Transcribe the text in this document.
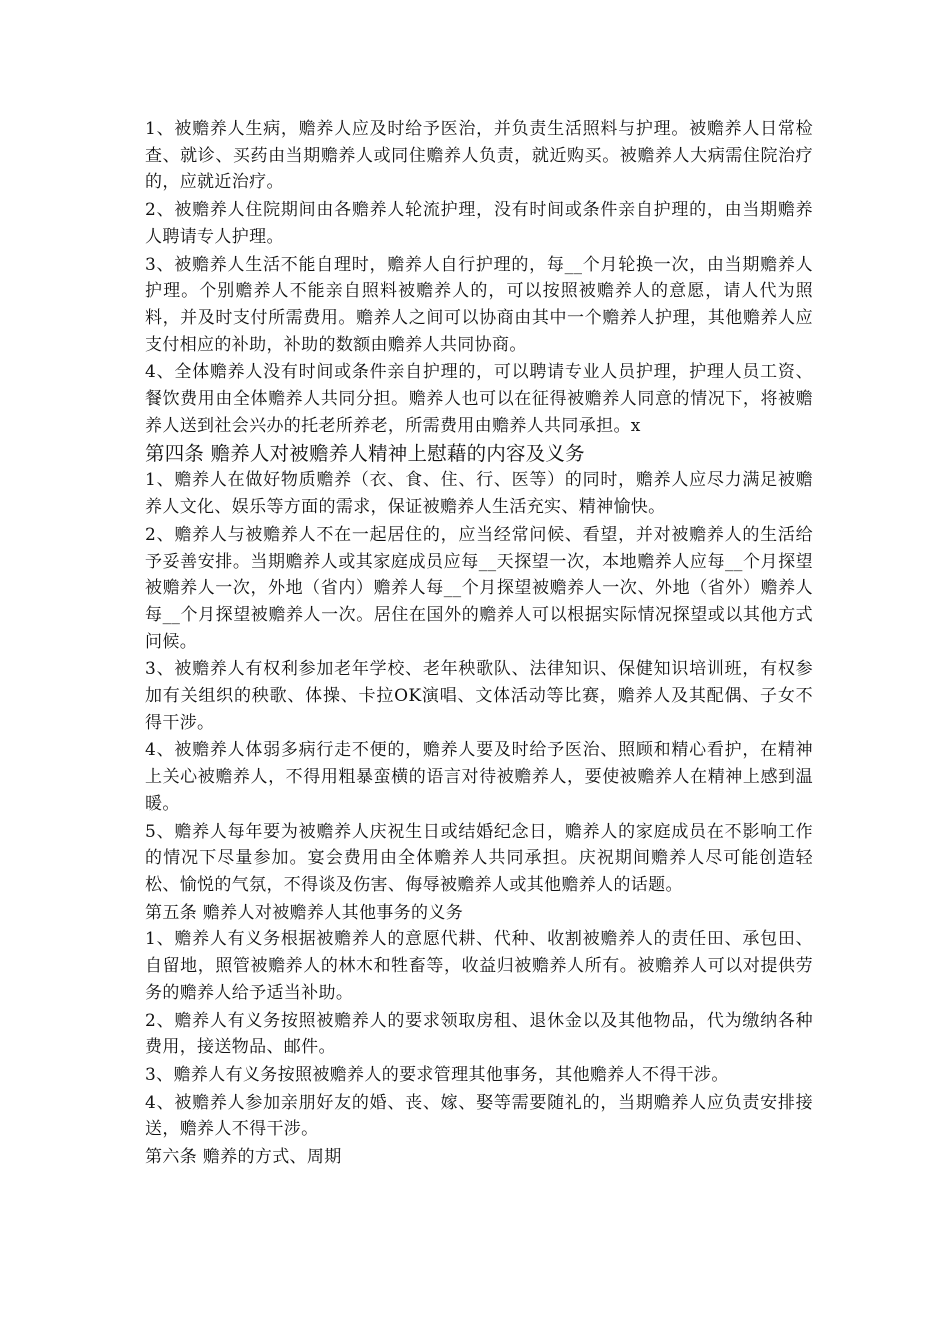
1、被赡养人生病，赡养人应及时给予医治，并负责生活照料与护理。被赡养人日常检查、就诊、买药由当期赡养人或同住赡养人负责，就近购买。被赡养人大病需住院治疗的，应就近治疗。

2、被赡养人住院期间由各赡养人轮流护理，没有时间或条件亲自护理的，由当期赡养人聘请专人护理。

3、被赡养人生活不能自理时，赡养人自行护理的，每__个月轮换一次，由当期赡养人护理。个别赡养人不能亲自照料被赡养人的，可以按照被赡养人的意愿，请人代为照料，并及时支付所需费用。赡养人之间可以协商由其中一个赡养人护理，其他赡养人应支付相应的补助，补助的数额由赡养人共同协商。

4、全体赡养人没有时间或条件亲自护理的，可以聘请专业人员护理，护理人员工资、餐饮费用由全体赡养人共同分担。赡养人也可以在征得被赡养人同意的情况下，将被赡养人送到社会兴办的托老所养老，所需费用由赡养人共同承担。x

第四条 赡养人对被赡养人精神上慰藉的内容及义务

1、赡养人在做好物质赡养（衣、食、住、行、医等）的同时，赡养人应尽力满足被赡养人文化、娱乐等方面的需求，保证被赡养人生活充实、精神愉快。

2、赡养人与被赡养人不在一起居住的，应当经常问候、看望，并对被赡养人的生活给予妥善安排。当期赡养人或其家庭成员应每__天探望一次，本地赡养人应每__个月探望被赡养人一次，外地（省内）赡养人每__个月探望被赡养人一次、外地（省外）赡养人每__个月探望被赡养人一次。居住在国外的赡养人可以根据实际情况探望或以其他方式问候。

3、被赡养人有权利参加老年学校、老年秧歌队、法律知识、保健知识培训班，有权参加有关组织的秧歌、体操、卡拉OK演唱、文体活动等比赛，赡养人及其配偶、子女不得干涉。

4、被赡养人体弱多病行走不便的，赡养人要及时给予医治、照顾和精心看护，在精神上关心被赡养人，不得用粗暴蛮横的语言对待被赡养人，要使被赡养人在精神上感到温暖。

5、赡养人每年要为被赡养人庆祝生日或结婚纪念日，赡养人的家庭成员在不影响工作的情况下尽量参加。宴会费用由全体赡养人共同承担。庆祝期间赡养人尽可能创造轻松、愉悦的气氛，不得谈及伤害、侮辱被赡养人或其他赡养人的话题。

第五条 赡养人对被赡养人其他事务的义务

1、赡养人有义务根据被赡养人的意愿代耕、代种、收割被赡养人的责任田、承包田、自留地，照管被赡养人的林木和牲畜等，收益归被赡养人所有。被赡养人可以对提供劳务的赡养人给予适当补助。

2、赡养人有义务按照被赡养人的要求领取房租、退休金以及其他物品，代为缴纳各种费用，接送物品、邮件。

3、赡养人有义务按照被赡养人的要求管理其他事务，其他赡养人不得干涉。

4、被赡养人参加亲朋好友的婚、丧、嫁、娶等需要随礼的，当期赡养人应负责安排接送，赡养人不得干涉。

第六条 赡养的方式、周期
